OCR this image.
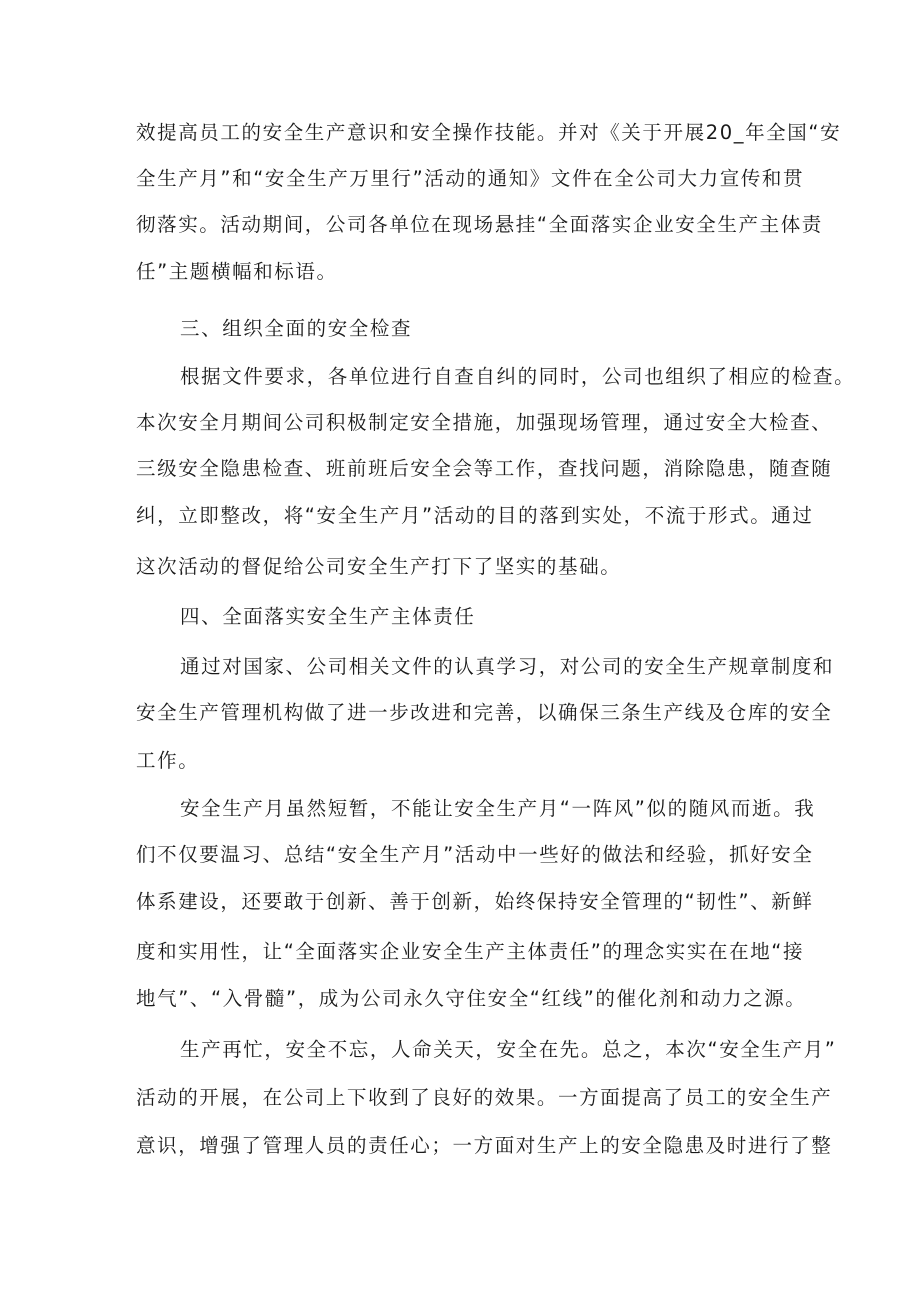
效提高员工的安全生产意识和安全操作技能。并对《关于开展20_年全国“安
全生产月”和“安全生产万里行”活动的通知》文件在全公司大力宣传和贯
彻落实。活动期间，公司各单位在现场悬挂“全面落实企业安全生产主体责
任”主题横幅和标语。
三、组织全面的安全检查
根据文件要求，各单位进行自查自纠的同时，公司也组织了相应的检查。
本次安全月期间公司积极制定安全措施，加强现场管理，通过安全大检查、
三级安全隐患检查、班前班后安全会等工作，查找问题，消除隐患，随查随
纠，立即整改，将“安全生产月”活动的目的落到实处，不流于形式。通过
这次活动的督促给公司安全生产打下了坚实的基础。
四、全面落实安全生产主体责任
通过对国家、公司相关文件的认真学习，对公司的安全生产规章制度和
安全生产管理机构做了进一步改进和完善，以确保三条生产线及仓库的安全
工作。
安全生产月虽然短暂，不能让安全生产月“一阵风”似的随风而逝。我
们不仅要温习、总结“安全生产月”活动中一些好的做法和经验，抓好安全
体系建设，还要敢于创新、善于创新，始终保持安全管理的“韧性”、新鲜
度和实用性，让“全面落实企业安全生产主体责任”的理念实实在在地“接
地气”、“入骨髓”，成为公司永久守住安全“红线”的催化剂和动力之源。
生产再忙，安全不忘，人命关天，安全在先。总之，本次“安全生产月”
活动的开展，在公司上下收到了良好的效果。一方面提高了员工的安全生产
意识，增强了管理人员的责任心；一方面对生产上的安全隐患及时进行了整
